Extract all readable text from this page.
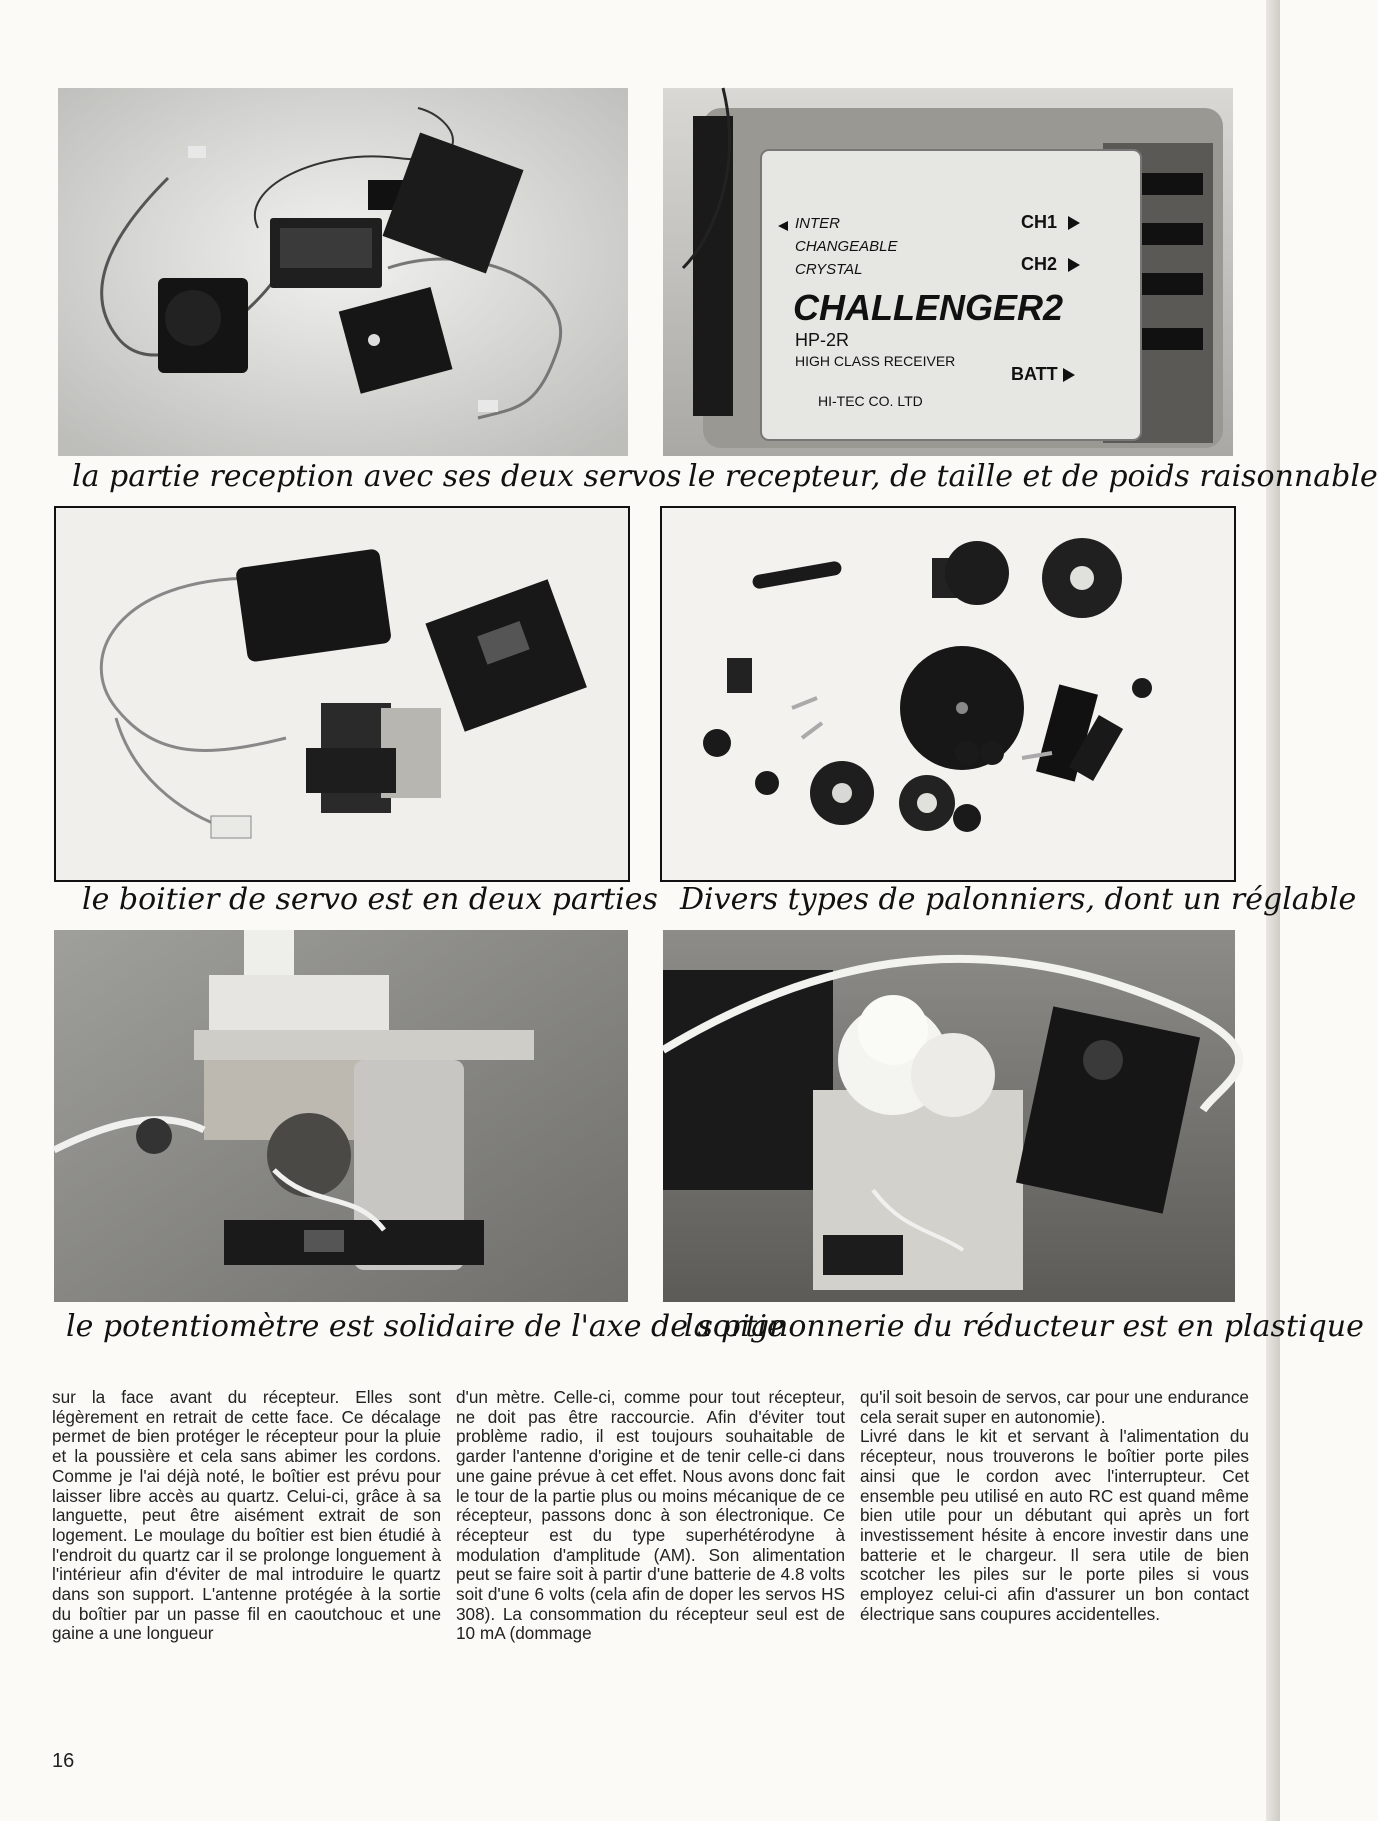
la partie reception avec ses deux servos
INTER
CHANGEABLE
CRYSTAL
CHALLENGER2
HP-2R
HIGH CLASS RECEIVER
HI-TEC CO. LTD
CH1
CH2
BATT
le recepteur, de taille et de poids raisonnable
le boitier de servo est en deux parties Divers types de palonniers, dont un réglable
le potentiomètre est solidaire de l'axe de sortie
la pignonnerie du réducteur est en plastique

sur la face avant du récepteur. Elles sont légèrement en retrait de cette face. Ce décalage permet de bien protéger le récepteur pour la pluie et la poussière et cela sans abimer les cordons. Comme je l'ai déjà noté, le boîtier est prévu pour laisser libre accès au quartz. Celui-ci, grâce à sa languette, peut être aisément extrait de son logement. Le moulage du boîtier est bien étudié à l'endroit du quartz car il se prolonge longuement à l'intérieur afin d'éviter de mal introduire le quartz dans son support. L'antenne protégée à la sortie du boîtier par un passe fil en caoutchouc et une gaine a une longueur

d'un mètre. Celle-ci, comme pour tout récepteur, ne doit pas être raccourcie. Afin d'éviter tout problème radio, il est toujours souhaitable de garder l'antenne d'origine et de tenir celle-ci dans une gaine prévue à cet effet. Nous avons donc fait le tour de la partie plus ou moins mécanique de ce récepteur, passons donc à son électronique. Ce récepteur est du type superhétérodyne à modulation d'amplitude (AM). Son alimentation peut se faire soit à partir d'une batterie de 4.8 volts soit d'une 6 volts (cela afin de doper les servos HS 308). La consommation du récepteur seul est de 10 mA (dommage

qu'il soit besoin de servos, car pour une endurance cela serait super en autonomie).

Livré dans le kit et servant à l'alimentation du récepteur, nous trouverons le boîtier porte piles ainsi que le cordon avec l'interrupteur. Cet ensemble peu utilisé en auto RC est quand même bien utile pour un débutant qui après un fort investissement hésite à encore investir dans une batterie et le chargeur. Il sera utile de bien scotcher les piles sur le porte piles si vous employez celui-ci afin d'assurer un bon contact électrique sans coupures accidentelles.

16
